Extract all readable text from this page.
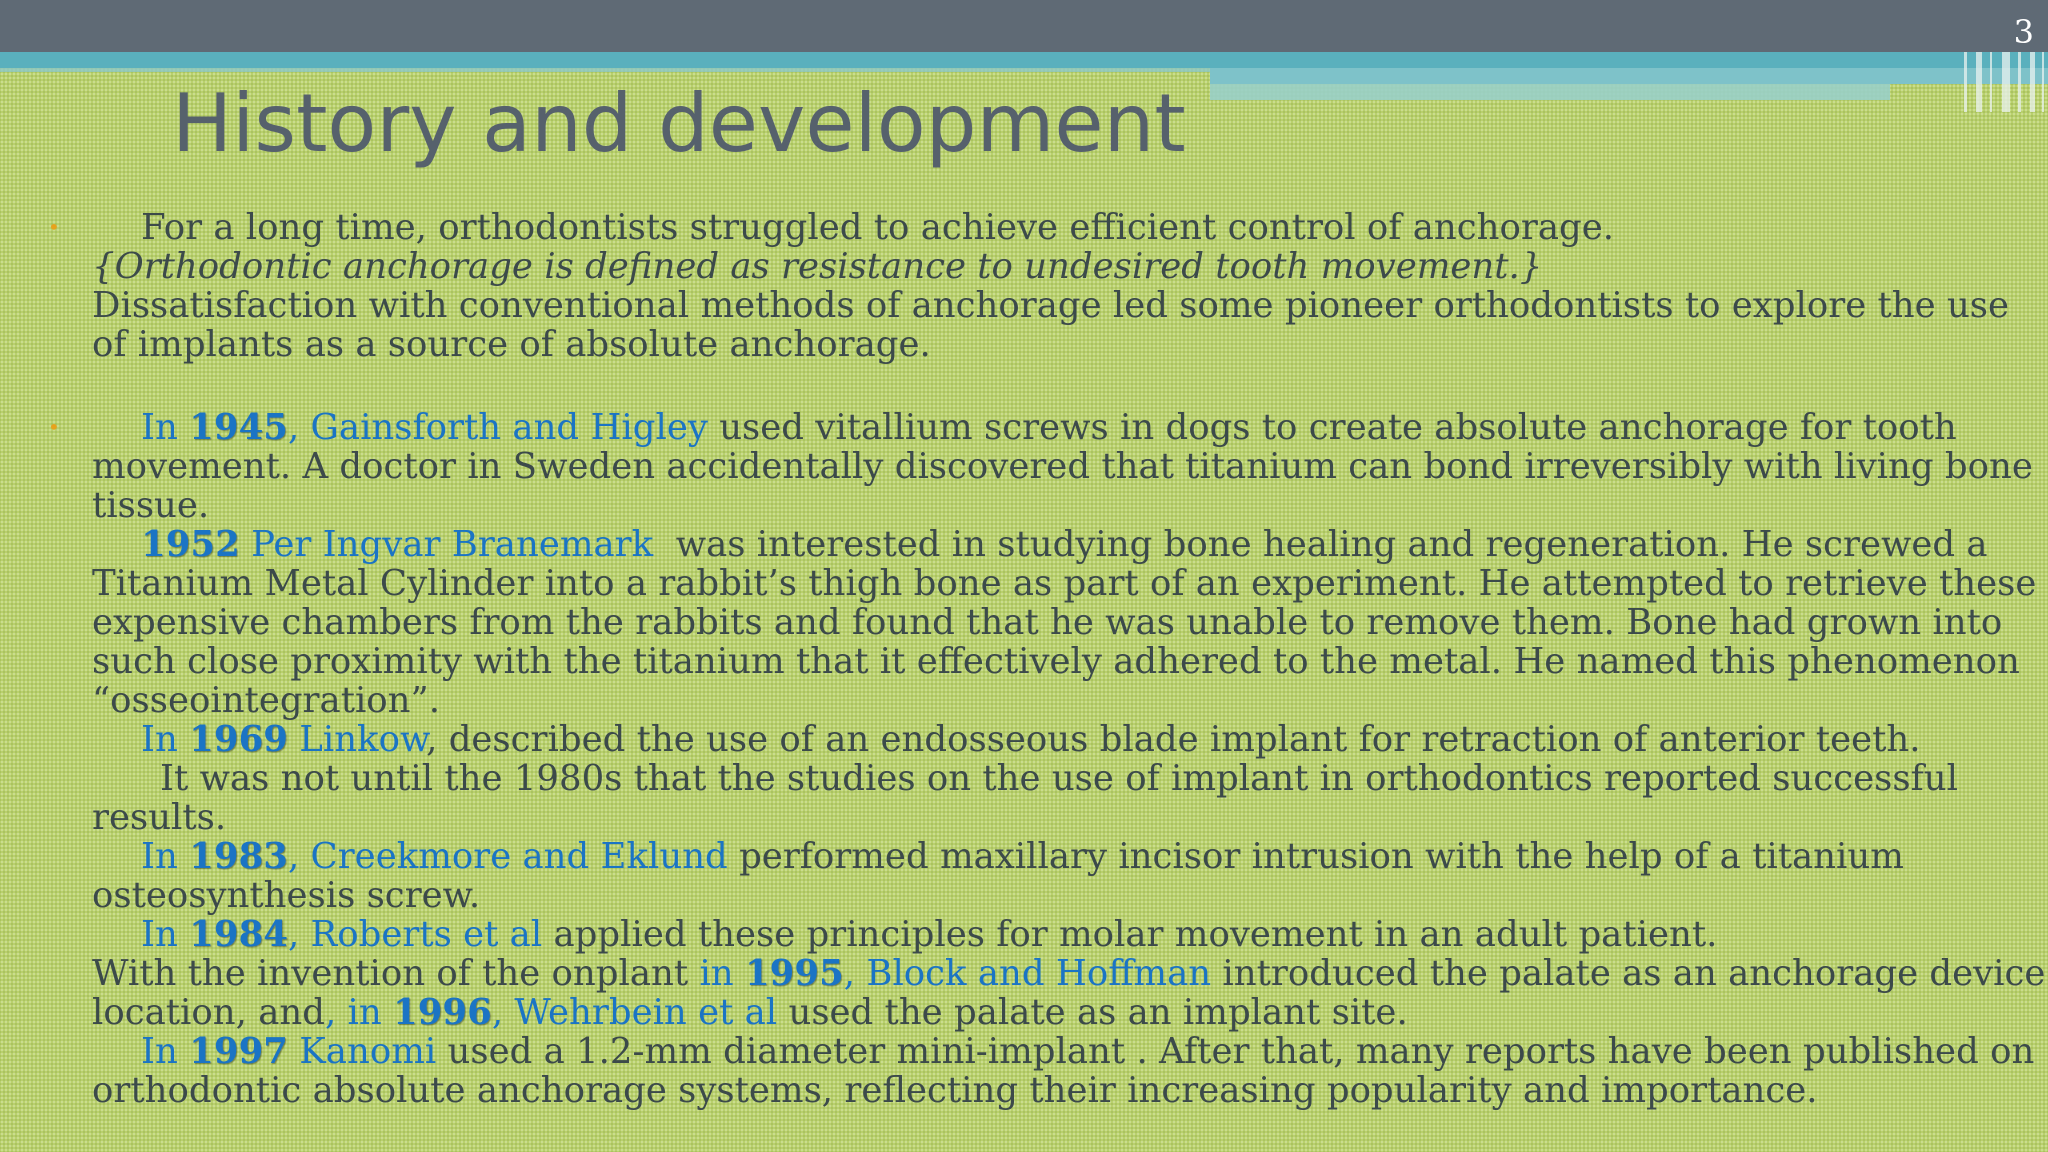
3
History and development
•	For a long time, orthodontists struggled to achieve efficient control of anchorage.

{Orthodontic anchorage is defined as resistance to undesired tooth movement.}

Dissatisfaction with conventional methods of anchorage led some pioneer orthodontists to explore the use

of implants as a source of absolute anchorage.

•	In 1945, Gainsforth and Higley used vitallium screws in dogs to create absolute anchorage for tooth

movement. A doctor in Sweden accidentally discovered that titanium can bond irreversibly with living bone

tissue.

1952 Per Ingvar Branemark  was interested in studying bone healing and regeneration. He screwed a

Titanium Metal Cylinder into a rabbit’s thigh bone as part of an experiment. He attempted to retrieve these

expensive chambers from the rabbits and found that he was unable to remove them. Bone had grown into

such close proximity with the titanium that it effectively adhered to the metal. He named this phenomenon

“osseointegration”.

In 1969 Linkow, described the use of an endosseous blade implant for retraction of anterior teeth.

It was not until the 1980s that the studies on the use of implant in orthodontics reported successful

results.

In 1983, Creekmore and Eklund performed maxillary incisor intrusion with the help of a titanium

osteosynthesis screw.

In 1984, Roberts et al applied these principles for molar movement in an adult patient.

With the invention of the onplant in 1995, Block and Hoffman introduced the palate as an anchorage device

location, and, in 1996, Wehrbein et al used the palate as an implant site.

In 1997 Kanomi used a 1.2-mm diameter mini-implant . After that, many reports have been published on

orthodontic absolute anchorage systems, reflecting their increasing popularity and importance.
